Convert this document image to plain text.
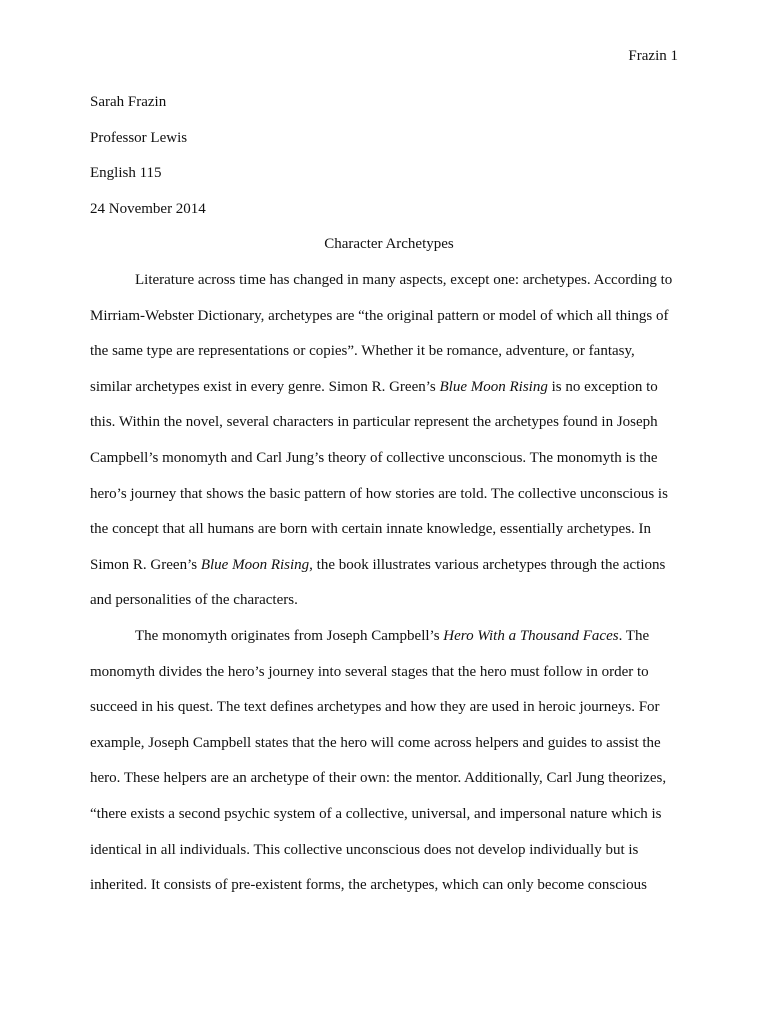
Frazin 1
Sarah Frazin
Professor Lewis
English 115
24 November 2014
Character Archetypes
Literature across time has changed in many aspects, except one: archetypes. According to
Mirriam-Webster Dictionary, archetypes are “the original pattern or model of which all things of
the same type are representations or copies”. Whether it be romance, adventure, or fantasy,
similar archetypes exist in every genre. Simon R. Green’s Blue Moon Rising is no exception to
this. Within the novel, several characters in particular represent the archetypes found in Joseph
Campbell’s monomyth and Carl Jung’s theory of collective unconscious. The monomyth is the
hero’s journey that shows the basic pattern of how stories are told. The collective unconscious is
the concept that all humans are born with certain innate knowledge, essentially archetypes. In
Simon R. Green’s Blue Moon Rising, the book illustrates various archetypes through the actions
and personalities of the characters.
The monomyth originates from Joseph Campbell’s Hero With a Thousand Faces. The
monomyth divides the hero’s journey into several stages that the hero must follow in order to
succeed in his quest. The text defines archetypes and how they are used in heroic journeys. For
example, Joseph Campbell states that the hero will come across helpers and guides to assist the
hero. These helpers are an archetype of their own: the mentor. Additionally, Carl Jung theorizes,
“there exists a second psychic system of a collective, universal, and impersonal nature which is
identical in all individuals. This collective unconscious does not develop individually but is
inherited. It consists of pre-existent forms, the archetypes, which can only become conscious
